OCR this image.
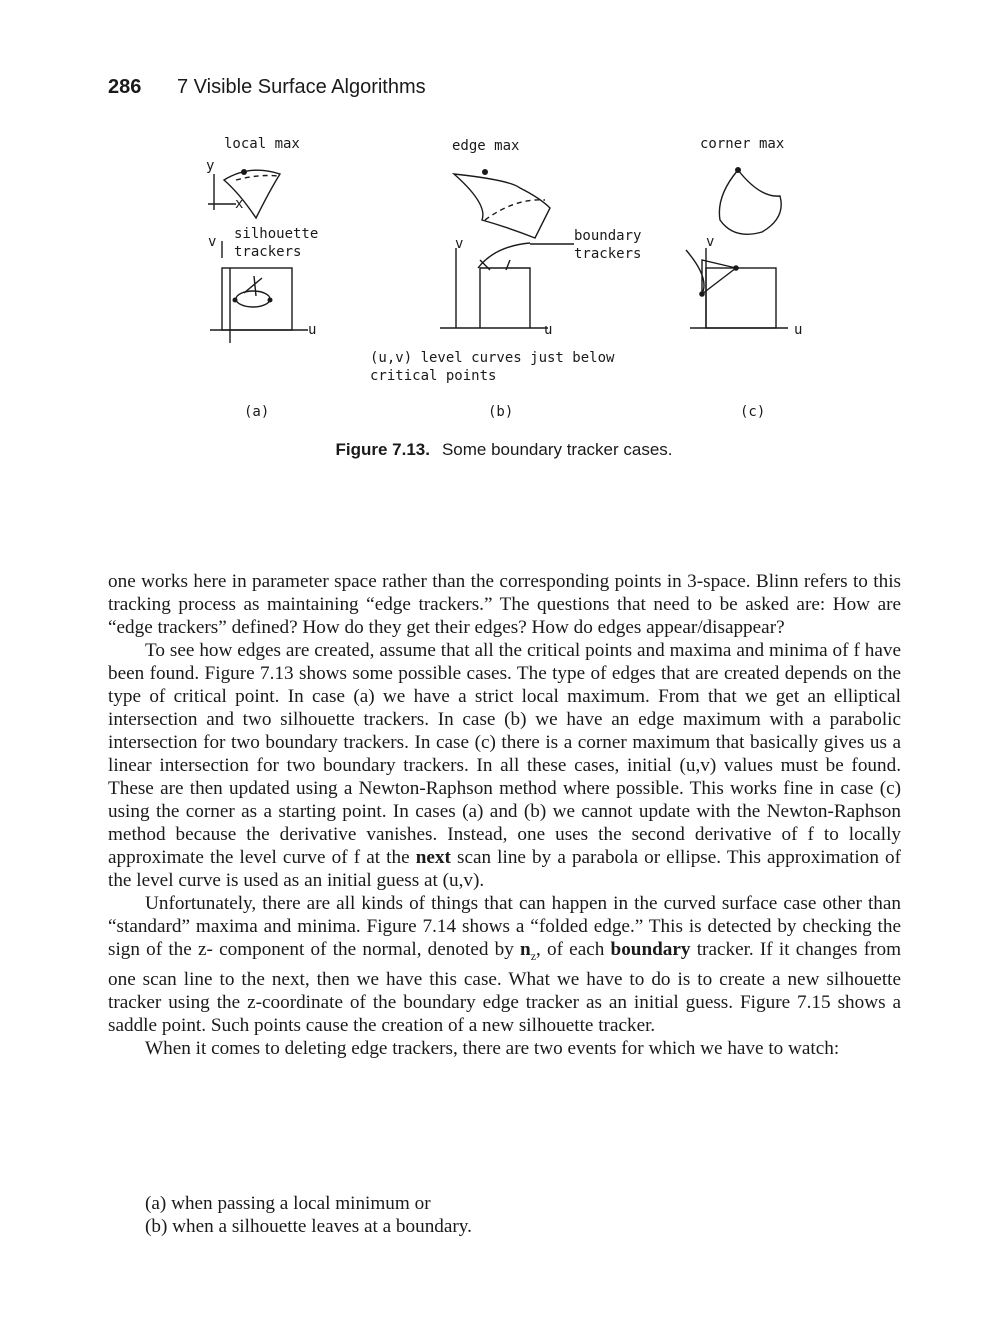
286 7 Visible Surface Algorithms
local max	edge max	corner max
y
x
silhouette
trackers
boundary
trackers
v	v	v
u	u	u
(u,v) level curves just below
critical points
(a)	(b)	(c)
Figure 7.13. Some boundary tracker cases.

one works here in parameter space rather than the corresponding points in 3-space. Blinn refers to this tracking process as maintaining “edge trackers.” The questions that need to be asked are: How are “edge trackers” defined? How do they get their edges? How do edges appear/disappear?

To see how edges are created, assume that all the critical points and maxima and minima of f have been found. Figure 7.13 shows some possible cases. The type of edges that are created depends on the type of critical point. In case (a) we have a strict local maximum. From that we get an elliptical intersection and two silhouette trackers. In case (b) we have an edge maximum with a parabolic intersection for two boundary trackers. In case (c) there is a corner maximum that basically gives us a linear intersection for two boundary trackers. In all these cases, initial (u,v) values must be found. These are then updated using a Newton-Raphson method where possible. This works fine in case (c) using the corner as a starting point. In cases (a) and (b) we cannot update with the Newton-Raphson method because the derivative vanishes. Instead, one uses the second derivative of f to locally approximate the level curve of f at the next scan line by a parabola or ellipse. This approximation of the level curve is used as an initial guess at (u,v).

Unfortunately, there are all kinds of things that can happen in the curved surface case other than “standard” maxima and minima. Figure 7.14 shows a “folded edge.” This is detected by checking the sign of the z- component of the normal, denoted by $n_z$, of each boundary tracker. If it changes from one scan line to the next, then we have this case. What we have to do is to create a new silhouette tracker using the z-coordinate of the boundary edge tracker as an initial guess. Figure 7.15 shows a saddle point. Such points cause the creation of a new silhouette tracker.

When it comes to deleting edge trackers, there are two events for which we have to watch:

(a) when passing a local minimum or
(b) when a silhouette leaves at a boundary.
